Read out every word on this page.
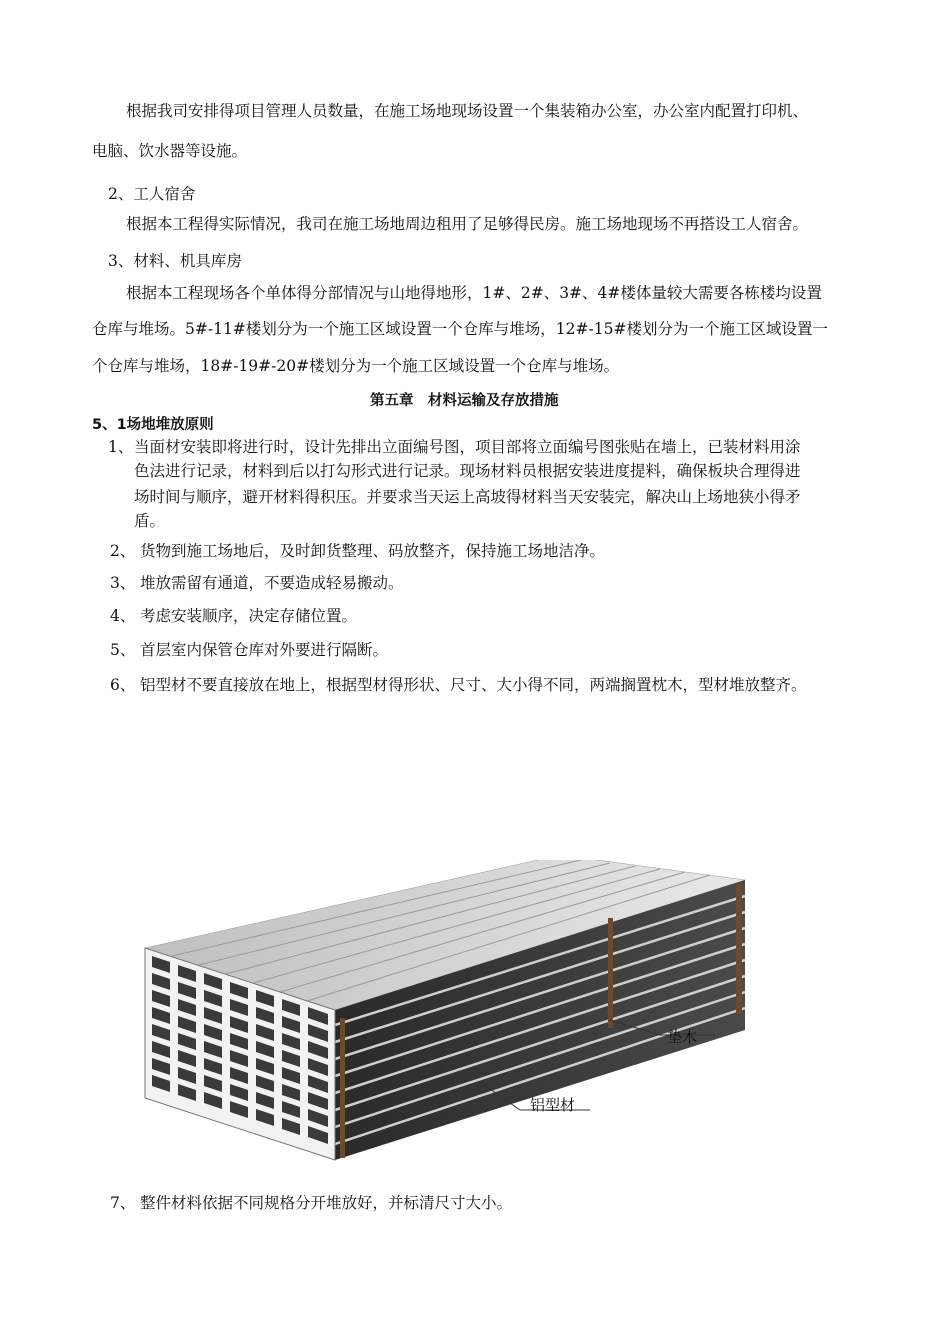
根据我司安排得项目管理人员数量，在施工场地现场设置一个集装箱办公室，办公室内配置打印机、
电脑、饮水器等设施。
2、工人宿舍
根据本工程得实际情况，我司在施工场地周边租用了足够得民房。施工场地现场不再搭设工人宿舍。
3、材料、机具库房
根据本工程现场各个单体得分部情况与山地得地形，1#、2#、3#、4#楼体量较大需要各栋楼均设置
仓库与堆场。5#-11#楼划分为一个施工区域设置一个仓库与堆场，12#-15#楼划分为一个施工区域设置一
个仓库与堆场，18#-19#-20#楼划分为一个施工区域设置一个仓库与堆场。
第五章　材料运输及存放措施
5、1场地堆放原则
1、 当面材安装即将进行时，设计先排出立面编号图，项目部将立面编号图张贴在墙上，已装材料用涂
色法进行记录，材料到后以打勾形式进行记录。现场材料员根据安装进度提料，确保板块合理得进
场时间与顺序，避开材料得积压。并要求当天运上高坡得材料当天安装完，解决山上场地狭小得矛
盾。
2、 货物到施工场地后，及时卸货整理、码放整齐，保持施工场地洁净。
3、 堆放需留有通道，不要造成轻易搬动。
4、 考虑安装顺序，决定存储位置。
5、 首层室内保管仓库对外要进行隔断。
6、 铝型材不要直接放在地上，根据型材得形状、尺寸、大小得不同，两端搁置枕木，型材堆放整齐。
垫木
铝型材
7、 整件材料依据不同规格分开堆放好，并标清尺寸大小。
